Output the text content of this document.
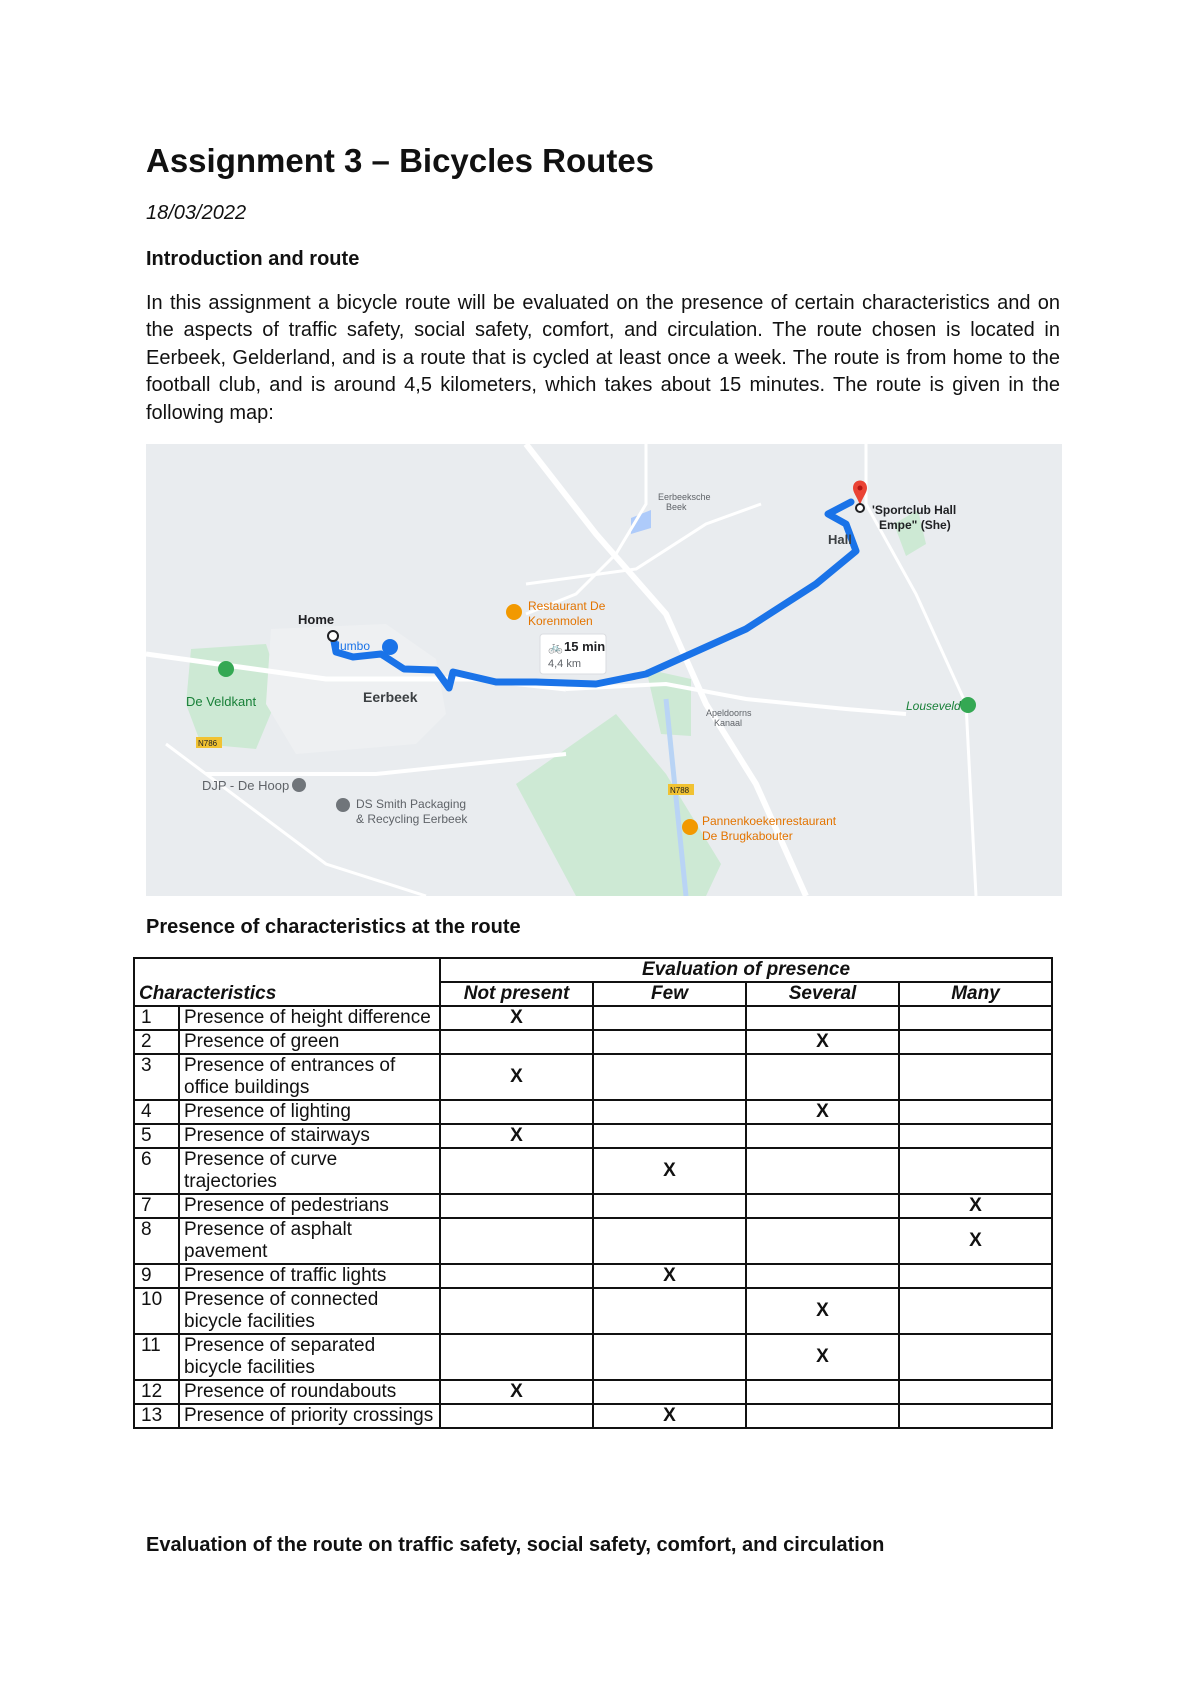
Assignment 3 – Bicycles Routes
18/03/2022
Introduction and route

In this assignment a bicycle route will be evaluated on the presence of certain characteristics and on the aspects of traffic safety, social safety, comfort, and circulation. The route chosen is located in Eerbeek, Gelderland, and is a route that is cycled at least once a week. The route is from home to the football club, and is around 4,5 kilometers, which takes about 15 minutes. The route is given in the following map:

🚲 15 min
4,4 km
Home
Jumbo
Eerbeek
De Veldkant
DJP - De Hoop
DS Smith Packaging
& Recycling Eerbeek
Restaurant De
Korenmolen
Pannenkoekenrestaurant
De Brugkabouter
'Sportclub Hall
Empe" (She)
Hall
Louseveld
Eerbeeksche
Beek
Apeldoorns
Kanaal
N786
N788
Presence of characteristics at the route
Characteristics		Evaluation of presence			
		Not present	Few	Several	Many
1	Presence of height difference	X			
2	Presence of green			X	
3	Presence of entrances of office buildings	X			
4	Presence of lighting			X	
5	Presence of stairways	X			
6	Presence of curve trajectories		X		
7	Presence of pedestrians				X
8	Presence of asphalt pavement				X
9	Presence of traffic lights		X		
10	Presence of connected bicycle facilities			X	
11	Presence of separated bicycle facilities			X	
12	Presence of roundabouts	X			
13	Presence of priority crossings		X		
Evaluation of the route on traffic safety, social safety, comfort, and circulation
